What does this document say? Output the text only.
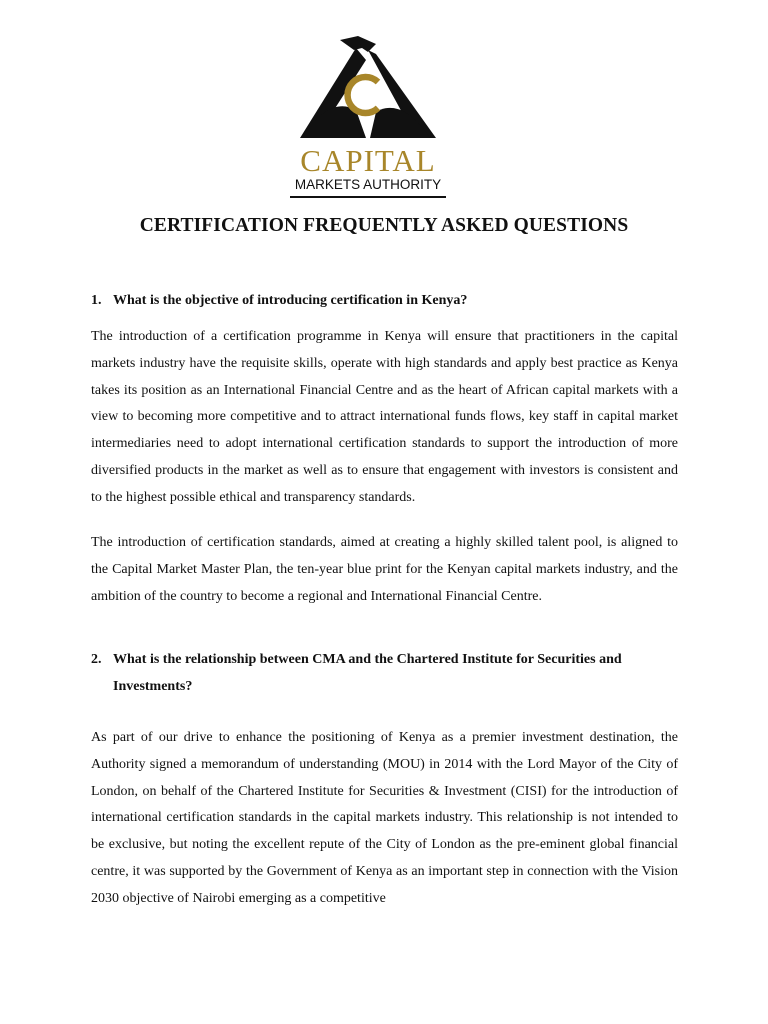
CAPITAL
MARKETS AUTHORITY
CERTIFICATION FREQUENTLY ASKED QUESTIONS
1. What is the objective of introducing certification in Kenya?
The introduction of a certification programme in Kenya will ensure that practitioners in the capital markets industry have the requisite skills, operate with high standards and apply best practice as Kenya takes its position as an International Financial Centre and as the heart of African capital markets with a view to becoming more competitive and to attract international funds flows, key staff in capital market intermediaries need to adopt international certification standards to support the introduction of more diversified products in the market as well as to ensure that engagement with investors is consistent and to the highest possible ethical and transparency standards.
The introduction of certification standards, aimed at creating a highly skilled talent pool, is aligned to the Capital Market Master Plan, the ten-year blue print for the Kenyan capital markets industry, and the ambition of the country to become a regional and International Financial Centre.
2. What is the relationship between CMA and the Chartered Institute for Securities and
Investments?
As part of our drive to enhance the positioning of Kenya as a premier investment destination, the Authority signed a memorandum of understanding (MOU) in 2014 with the Lord Mayor of the City of London, on behalf of the Chartered Institute for Securities & Investment (CISI) for the introduction of international certification standards in the capital markets industry. This relationship is not intended to be exclusive, but noting the excellent repute of the City of London as the pre-eminent global financial centre, it was supported by the Government of Kenya as an important step in connection with the Vision 2030 objective of Nairobi emerging as a competitive
